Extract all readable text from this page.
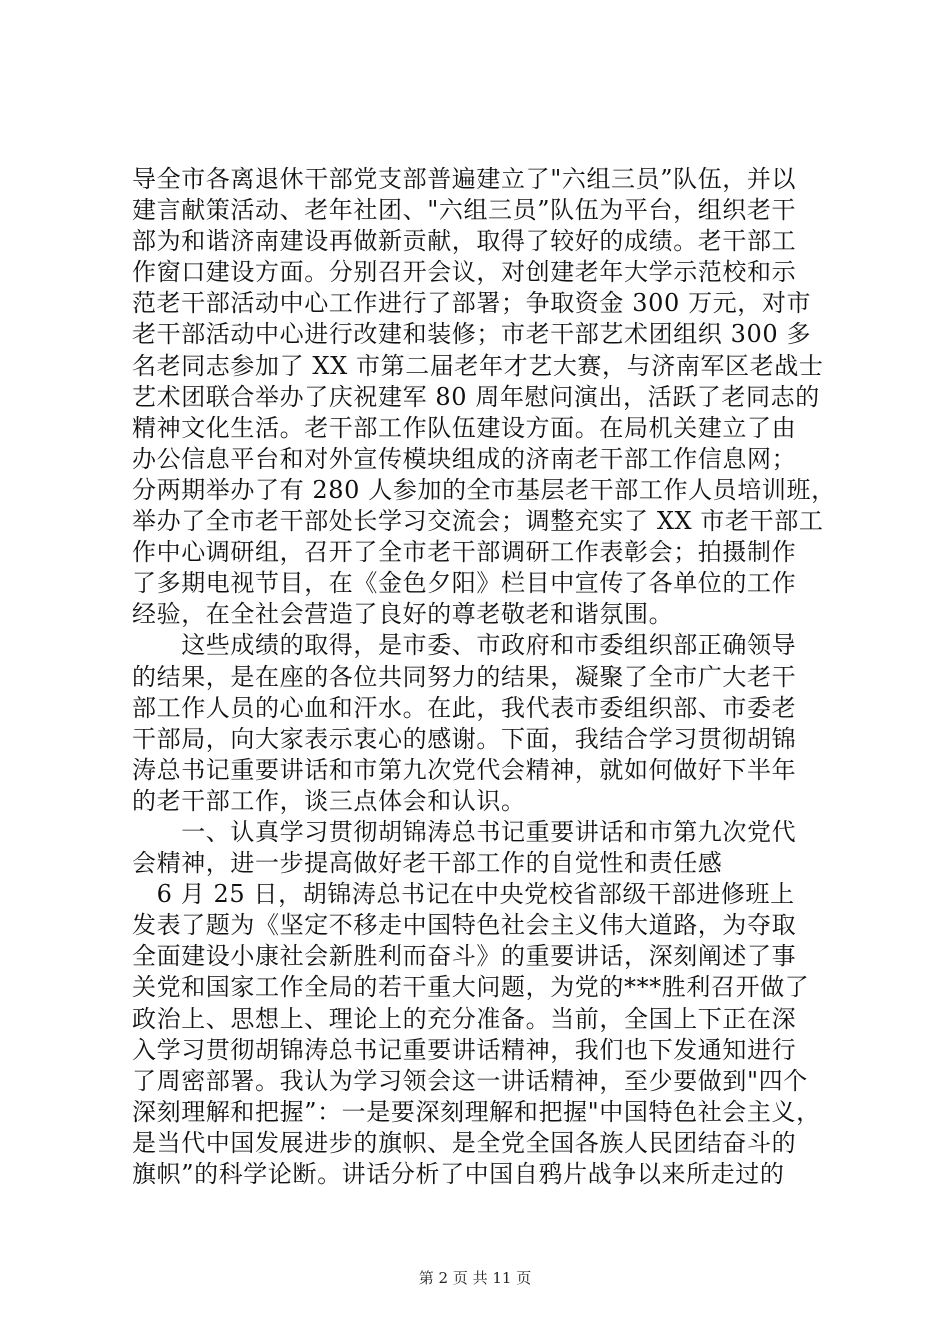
导全市各离退休干部党支部普遍建立了"六组三员”队伍，并以
建言献策活动、老年社团、"六组三员”队伍为平台，组织老干
部为和谐济南建设再做新贡献，取得了较好的成绩。老干部工
作窗口建设方面。分别召开会议，对创建老年大学示范校和示
范老干部活动中心工作进行了部署；争取资金 300 万元，对市
老干部活动中心进行改建和装修；市老干部艺术团组织 300 多
名老同志参加了 XX 市第二届老年才艺大赛，与济南军区老战士
艺术团联合举办了庆祝建军 80 周年慰问演出，活跃了老同志的
精神文化生活。老干部工作队伍建设方面。在局机关建立了由
办公信息平台和对外宣传模块组成的济南老干部工作信息网；
分两期举办了有 280 人参加的全市基层老干部工作人员培训班，
举办了全市老干部处长学习交流会；调整充实了 XX 市老干部工
作中心调研组，召开了全市老干部调研工作表彰会；拍摄制作
了多期电视节目，在《金色夕阳》栏目中宣传了各单位的工作
经验，在全社会营造了良好的尊老敬老和谐氛围。
　　这些成绩的取得，是市委、市政府和市委组织部正确领导
的结果，是在座的各位共同努力的结果，凝聚了全市广大老干
部工作人员的心血和汗水。在此，我代表市委组织部、市委老
干部局，向大家表示衷心的感谢。下面，我结合学习贯彻胡锦
涛总书记重要讲话和市第九次党代会精神，就如何做好下半年
的老干部工作，谈三点体会和认识。
　　一、认真学习贯彻胡锦涛总书记重要讲话和市第九次党代
会精神，进一步提高做好老干部工作的自觉性和责任感
　6 月 25 日，胡锦涛总书记在中央党校省部级干部进修班上
发表了题为《坚定不移走中国特色社会主义伟大道路，为夺取
全面建设小康社会新胜利而奋斗》的重要讲话，深刻阐述了事
关党和国家工作全局的若干重大问题，为党的***胜利召开做了
政治上、思想上、理论上的充分准备。当前，全国上下正在深
入学习贯彻胡锦涛总书记重要讲话精神，我们也下发通知进行
了周密部署。我认为学习领会这一讲话精神，至少要做到"四个
深刻理解和把握”：一是要深刻理解和把握"中国特色社会主义，
是当代中国发展进步的旗帜、是全党全国各族人民团结奋斗的
旗帜”的科学论断。讲话分析了中国自鸦片战争以来所走过的
第 2 页 共 11 页
